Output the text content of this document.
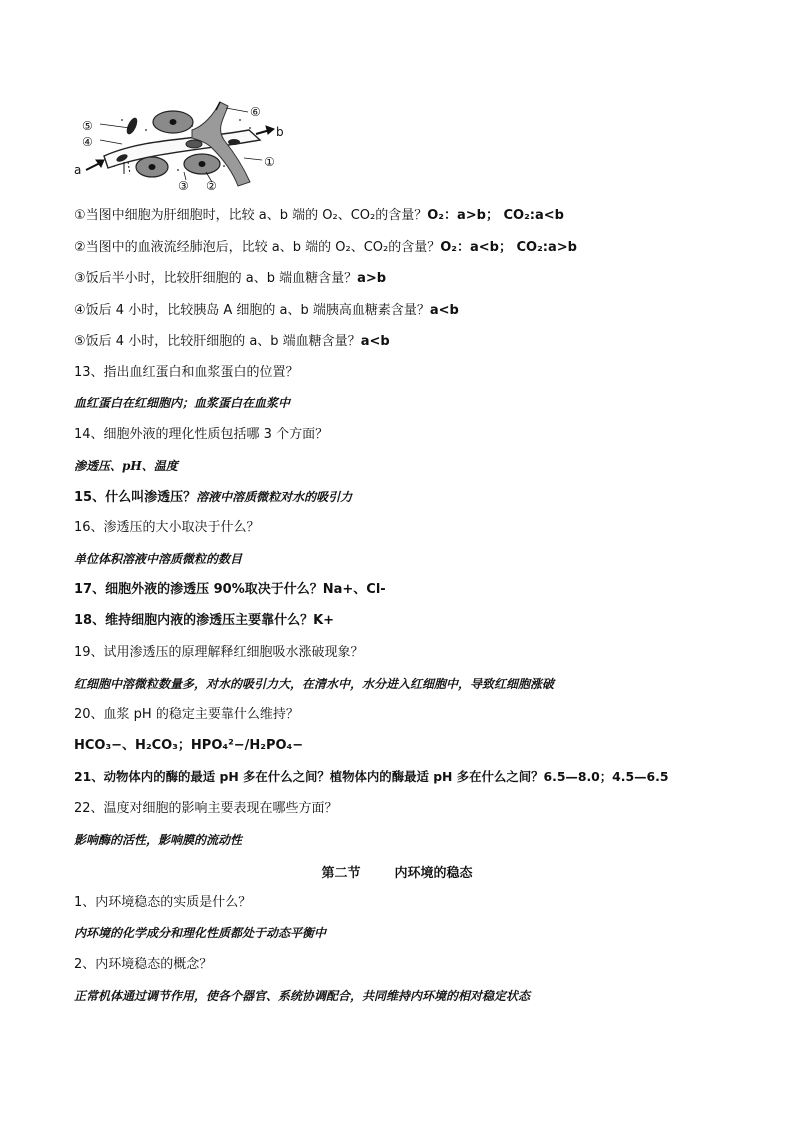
⑤
④
a
⑥
b
①
③ ②
①当图中细胞为肝细胞时，比较 a、b 端的 O₂、CO₂的含量？O₂：a>b； CO₂:a<b
②当图中的血液流经肺泡后，比较 a、b 端的 O₂、CO₂的含量？O₂：a<b； CO₂:a>b
③饭后半小时，比较肝细胞的 a、b 端血糖含量？a>b
④饭后 4 小时，比较胰岛 A 细胞的 a、b 端胰高血糖素含量？a<b
⑤饭后 4 小时，比较肝细胞的 a、b 端血糖含量？a<b
13、指出血红蛋白和血浆蛋白的位置？
血红蛋白在红细胞内；血浆蛋白在血浆中
14、细胞外液的理化性质包括哪 3 个方面？
渗透压、pH、温度
15、什么叫渗透压？溶液中溶质微粒对水的吸引力
16、渗透压的大小取决于什么？
单位体积溶液中溶质微粒的数目
17、细胞外液的渗透压 90%取决于什么？Na+、Cl-
18、维持细胞内液的渗透压主要靠什么？K+
19、试用渗透压的原理解释红细胞吸水涨破现象？
红细胞中溶微粒数量多，对水的吸引力大，在清水中，水分进入红细胞中，导致红细胞涨破
20、血浆 pH 的稳定主要靠什么维持？
HCO₃−、H₂CO₃；HPO₄²−/H₂PO₄−
21、动物体内的酶的最适 pH 多在什么之间？植物体内的酶最适 pH 多在什么之间？6.5—8.0；4.5—6.5
22、温度对细胞的影响主要表现在哪些方面？
影响酶的活性，影响膜的流动性
第二节	内环境的稳态
1、内环境稳态的实质是什么？
内环境的化学成分和理化性质都处于动态平衡中
2、内环境稳态的概念？
正常机体通过调节作用，使各个器官、系统协调配合，共同维持内环境的相对稳定状态
